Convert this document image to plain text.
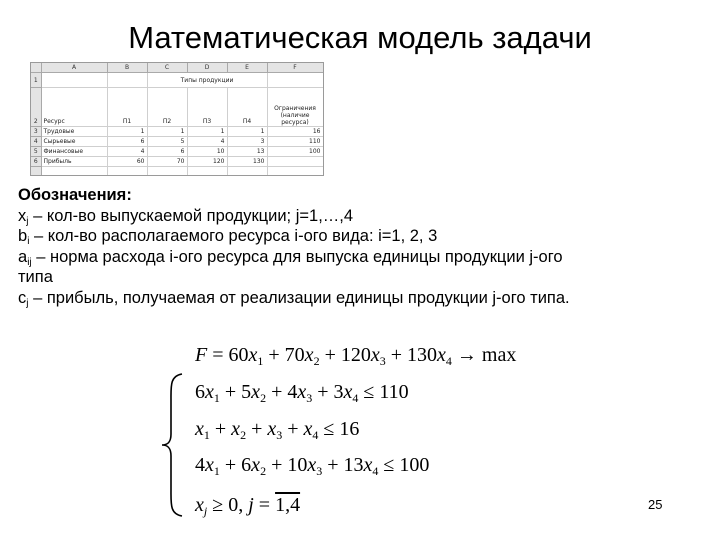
Математическая модель задачи
	A	B	C	D	E	F
1			Типы продукции			
2	Ресурс	П1	П2	П3	П4	Ограничения (наличие ресурса)
3	Трудовые	1	1	1	1	16
4	Сырьевые	6	5	4	3	110
5	Финансовые	4	6	10	13	100
6	Прибыль	60	70	120	130	

Обозначения:
$x_j - кол-во$ выпускаемой продукции; j=1,…,4
$b_i - кол-во$ располагаемого ресурса i-ого вида: i=1, 2, 3
$a_{ij}$ – норма расхода i-ого ресурса для выпуска единицы продукции j-ого
типа
$c_j$ – прибыль, получаемая от реализации единицы продукции j-ого типа.
$F = 60x_1 + 70x_2 + 120x_3 + 130x_4 \to \max$
$6x_1 + 5x_2 + 4x_3 + 3x_4 \le 110$
$x_1 + x_2 + x_3 + x_4 \le 16$
$4x_1 + 6x_2 + 10x_3 + 13x_4 \le 100$
$x_j \ge 0$, j = 1,4	25
